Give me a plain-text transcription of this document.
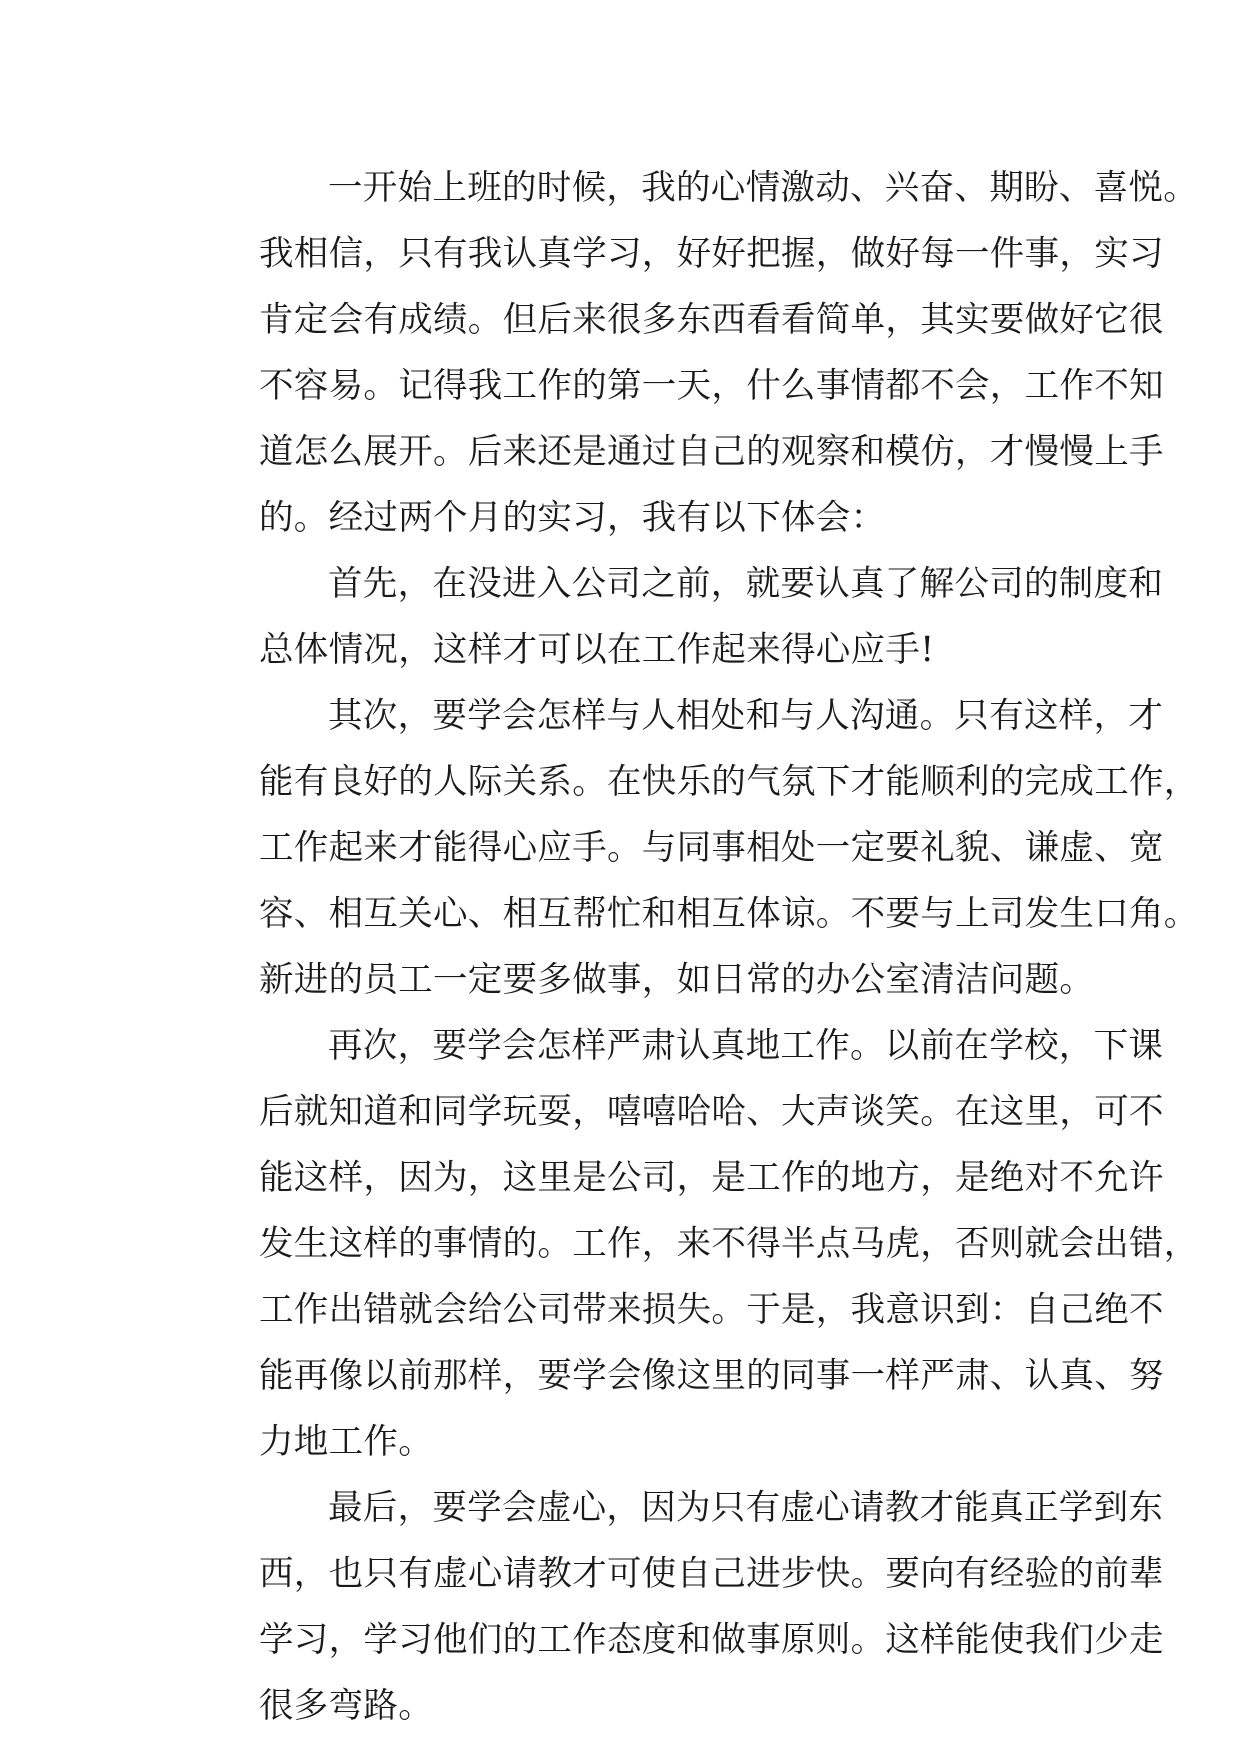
一开始上班的时候，我的心情激动、兴奋、期盼、喜悦。
我相信，只有我认真学习，好好把握，做好每一件事，实习
肯定会有成绩。但后来很多东西看看简单，其实要做好它很
不容易。记得我工作的第一天，什么事情都不会，工作不知
道怎么展开。后来还是通过自己的观察和模仿，才慢慢上手
的。经过两个月的实习，我有以下体会：
首先，在没进入公司之前，就要认真了解公司的制度和
总体情况，这样才可以在工作起来得心应手!
其次，要学会怎样与人相处和与人沟通。只有这样，才
能有良好的人际关系。在快乐的气氛下才能顺利的完成工作，
工作起来才能得心应手。与同事相处一定要礼貌、谦虚、宽
容、相互关心、相互帮忙和相互体谅。不要与上司发生口角。
新进的员工一定要多做事，如日常的办公室清洁问题。
再次，要学会怎样严肃认真地工作。以前在学校，下课
后就知道和同学玩耍，嘻嘻哈哈、大声谈笑。在这里，可不
能这样，因为，这里是公司，是工作的地方，是绝对不允许
发生这样的事情的。工作，来不得半点马虎，否则就会出错，
工作出错就会给公司带来损失。于是，我意识到：自己绝不
能再像以前那样，要学会像这里的同事一样严肃、认真、努
力地工作。
最后，要学会虚心，因为只有虚心请教才能真正学到东
西，也只有虚心请教才可使自己进步快。要向有经验的前辈
学习，学习他们的工作态度和做事原则。这样能使我们少走
很多弯路。
